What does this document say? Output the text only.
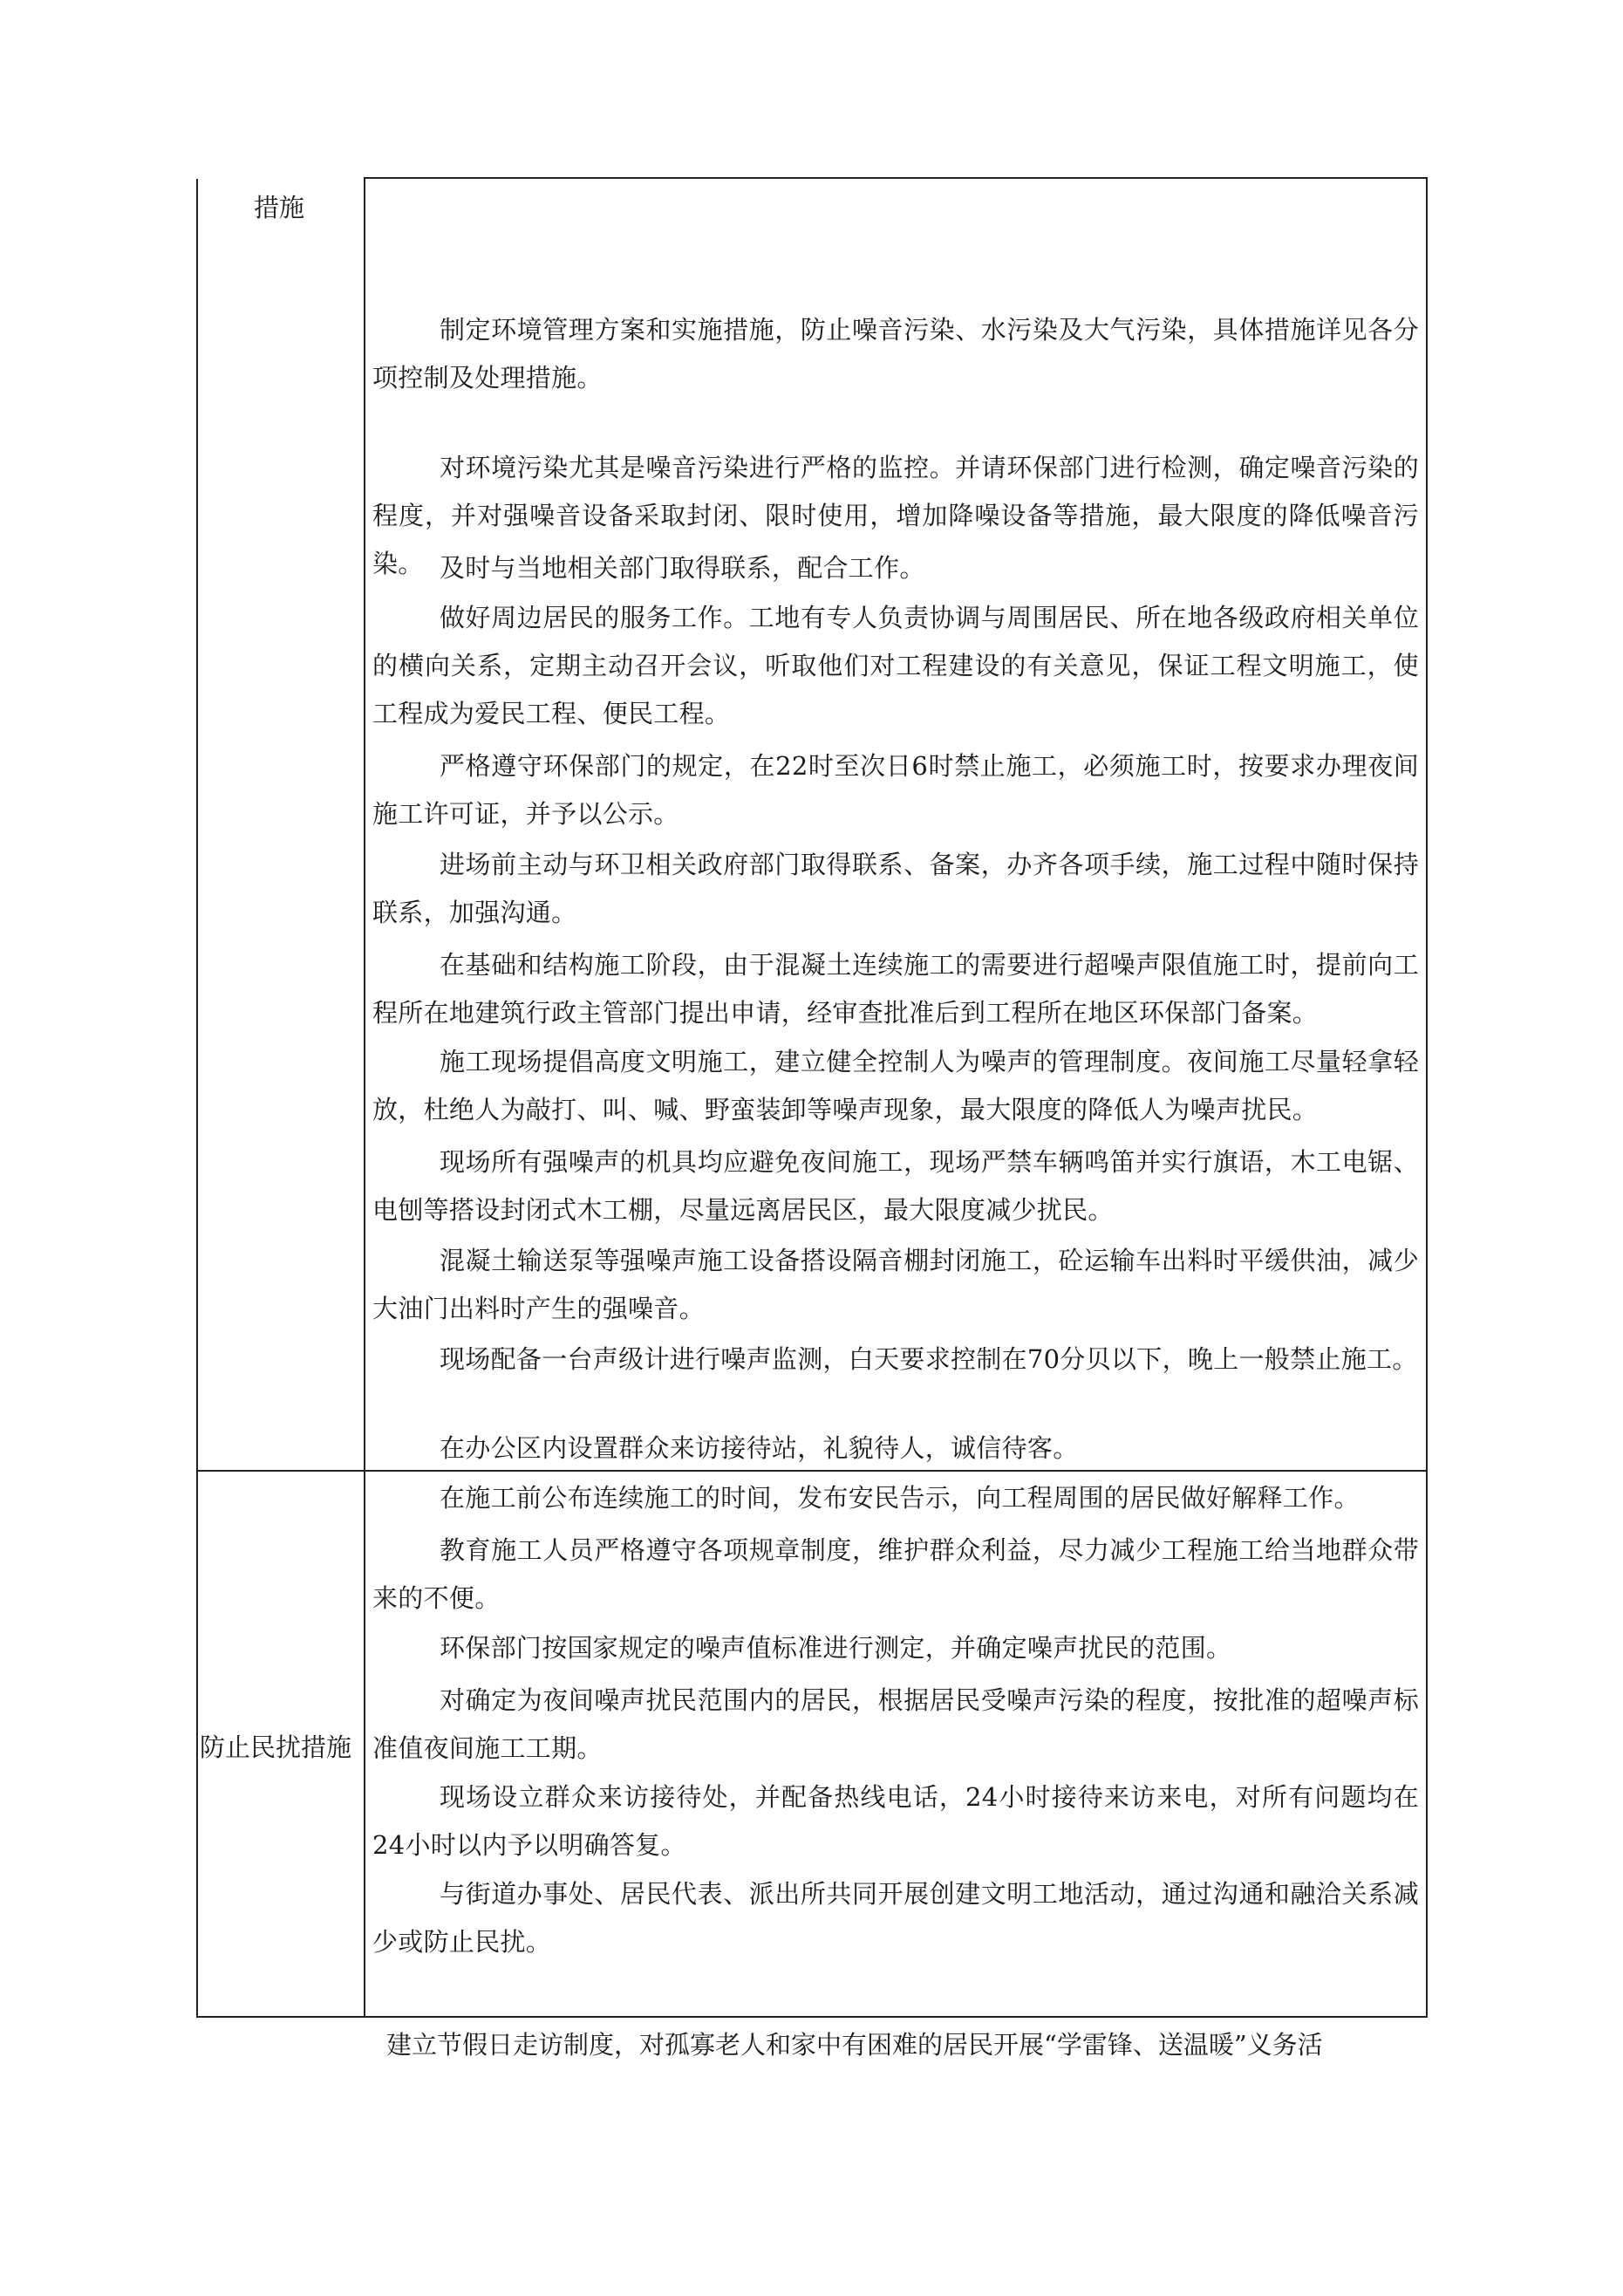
措施

制定环境管理方案和实施措施，防止噪音污染、水污染及大气污染，具体措施详见各分项控制及处理措施。

对环境污染尤其是噪音污染进行严格的监控。并请环保部门进行检测，确定噪音污染的程度，并对强噪音设备采取封闭、限时使用，增加降噪设备等措施，最大限度的降低噪音污染。 及时与当地相关部门取得联系，配合工作。

做好周边居民的服务工作。工地有专人负责协调与周围居民、所在地各级政府相关单位的横向关系，定期主动召开会议，听取他们对工程建设的有关意见，保证工程文明施工，使工程成为爱民工程、便民工程。

严格遵守环保部门的规定，在22时至次日6时禁止施工，必须施工时，按要求办理夜间施工许可证，并予以公示。

进场前主动与环卫相关政府部门取得联系、备案，办齐各项手续，施工过程中随时保持联系，加强沟通。

在基础和结构施工阶段，由于混凝土连续施工的需要进行超噪声限值施工时，提前向工程所在地建筑行政主管部门提出申请，经审查批准后到工程所在地区环保部门备案。

施工现场提倡高度文明施工，建立健全控制人为噪声的管理制度。夜间施工尽量轻拿轻放，杜绝人为敲打、叫、喊、野蛮装卸等噪声现象，最大限度的降低人为噪声扰民。

现场所有强噪声的机具均应避免夜间施工，现场严禁车辆鸣笛并实行旗语，木工电锯、电刨等搭设封闭式木工棚，尽量远离居民区，最大限度减少扰民。

混凝土输送泵等强噪声施工设备搭设隔音棚封闭施工，砼运输车出料时平缓供油，减少大油门出料时产生的强噪音。

现场配备一台声级计进行噪声监测，白天要求控制在70分贝以下，晚上一般禁止施工。

在办公区内设置群众来访接待站，礼貌待人，诚信待客。

防止民扰措施

在施工前公布连续施工的时间，发布安民告示，向工程周围的居民做好解释工作。

教育施工人员严格遵守各项规章制度，维护群众利益，尽力减少工程施工给当地群众带来的不便。

环保部门按国家规定的噪声值标准进行测定，并确定噪声扰民的范围。

对确定为夜间噪声扰民范围内的居民，根据居民受噪声污染的程度，按批准的超噪声标准值夜间施工工期。

现场设立群众来访接待处，并配备热线电话，24小时接待来访来电，对所有问题均在24小时以内予以明确答复。

与街道办事处、居民代表、派出所共同开展创建文明工地活动，通过沟通和融洽关系减少或防止民扰。

建立节假日走访制度，对孤寡老人和家中有困难的居民开展“学雷锋、送温暖”义务活
